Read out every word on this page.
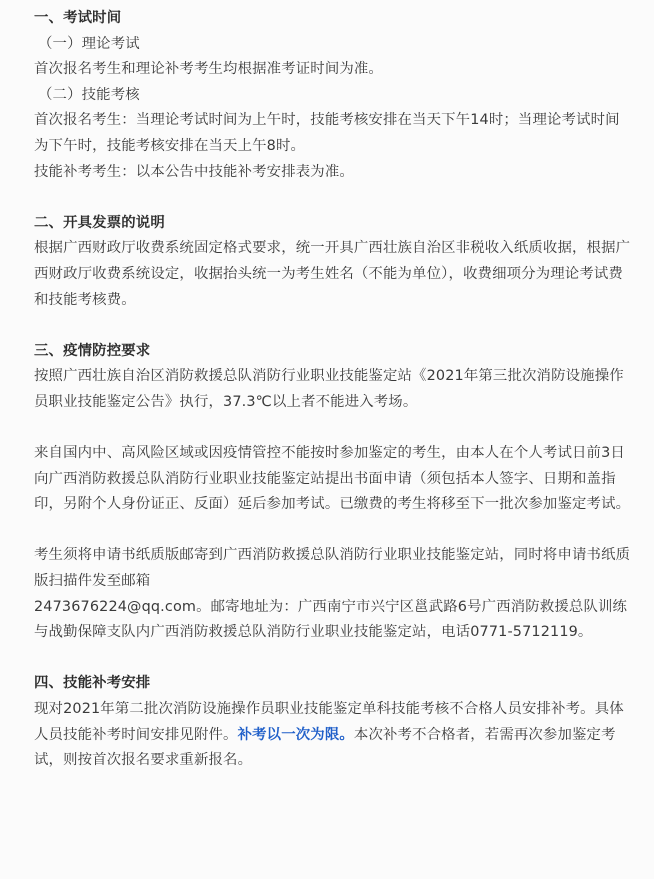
一、考试时间
（一）理论考试

首次报名考生和理论补考考生均根据准考证时间为准。

（二）技能考核

首次报名考生：当理论考试时间为上午时，技能考核安排在当天下午14时；当理论考试时间为下午时，技能考核安排在当天上午8时。

技能补考考生：以本公告中技能补考安排表为准。

二、开具发票的说明

根据广西财政厅收费系统固定格式要求，统一开具广西壮族自治区非税收入纸质收据，根据广西财政厅收费系统设定，收据抬头统一为考生姓名（不能为单位），收费细项分为理论考试费和技能考核费。

三、疫情防控要求

按照广西壮族自治区消防救援总队消防行业职业技能鉴定站《2021年第三批次消防设施操作员职业技能鉴定公告》执行，37.3℃以上者不能进入考场。

来自国内中、高风险区域或因疫情管控不能按时参加鉴定的考生，由本人在个人考试日前3日向广西消防救援总队消防行业职业技能鉴定站提出书面申请（须包括本人签字、日期和盖指印，另附个人身份证正、反面）延后参加考试。已缴费的考生将移至下一批次参加鉴定考试。

考生须将申请书纸质版邮寄到广西消防救援总队消防行业职业技能鉴定站，同时将申请书纸质版扫描件发至邮箱

2473676224@qq.com。邮寄地址为：广西南宁市兴宁区邕武路6号广西消防救援总队训练与战勤保障支队内广西消防救援总队消防行业职业技能鉴定站，电话0771-5712119。

四、技能补考安排

现对2021年第二批次消防设施操作员职业技能鉴定单科技能考核不合格人员安排补考。具体人员技能补考时间安排见附件。补考以一次为限。本次补考不合格者，若需再次参加鉴定考试，则按首次报名要求重新报名。
